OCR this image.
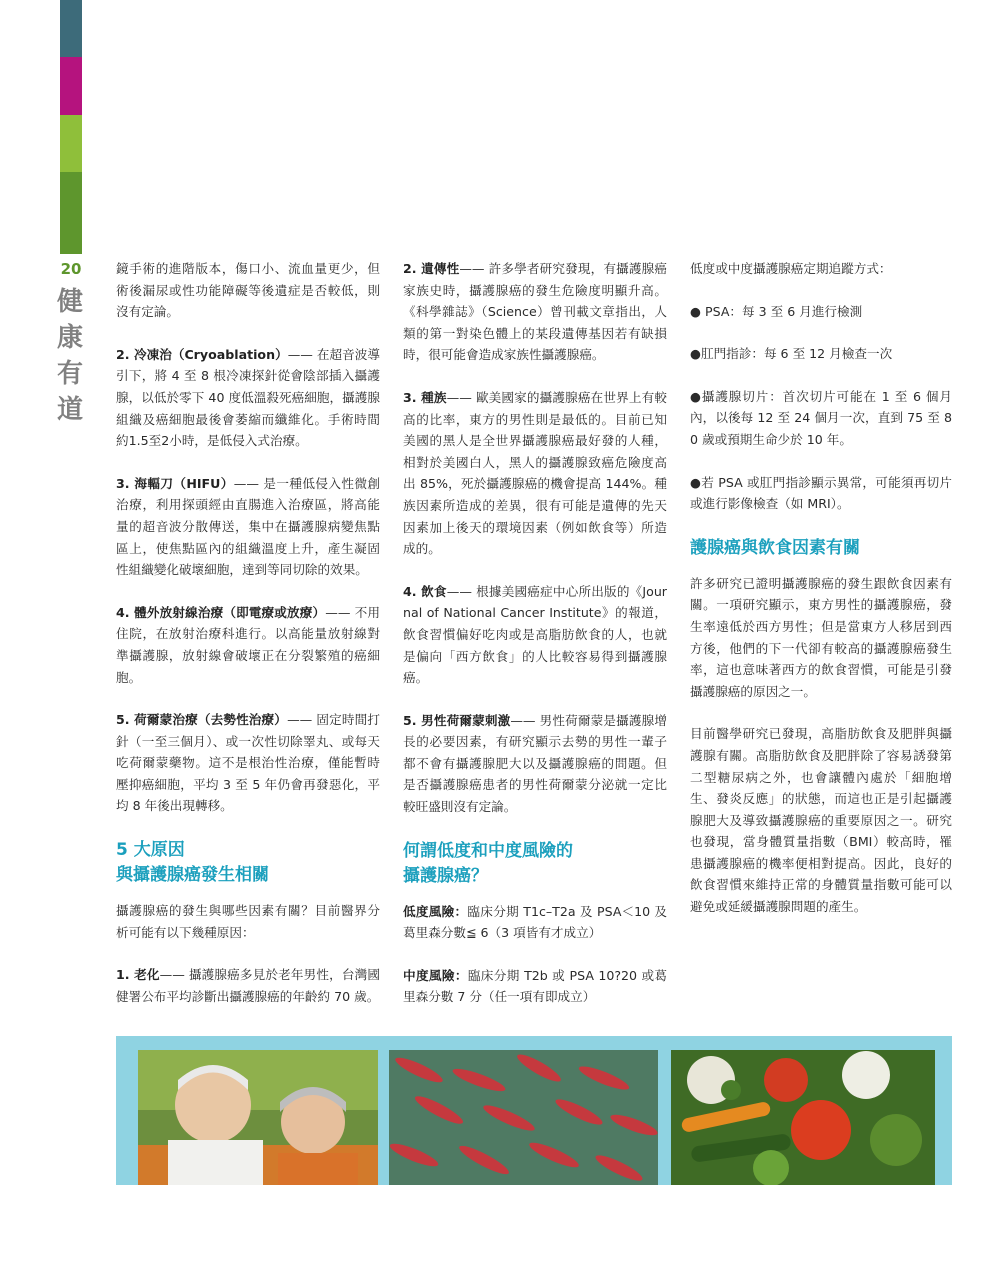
20
健
康
有
道

鏡手術的進階版本，傷口小、流血量更少，但術後漏尿或性功能障礙等後遺症是否較低，則沒有定論。

2. 冷凍治（Cryoablation）—— 在超音波導引下，將 4 至 8 根冷凍探針從會陰部插入攝護腺，以低於零下 40 度低溫殺死癌細胞，攝護腺組織及癌細胞最後會萎縮而纖維化。手術時間約1.5至2小時，是低侵入式治療。

3. 海輻刀（HIFU）—— 是一種低侵入性微創治療，利用探頭經由直腸進入治療區，將高能量的超音波分散傳送，集中在攝護腺病變焦點區上，使焦點區內的組織溫度上升，產生凝固性組織變化破壞細胞，達到等同切除的效果。

4. 體外放射線治療（即電療或放療）—— 不用住院，在放射治療科進行。以高能量放射線對準攝護腺，放射線會破壞正在分裂繁殖的癌細胞。

5. 荷爾蒙治療（去勢性治療）—— 固定時間打針（一至三個月）、或一次性切除睪丸、或每天吃荷爾蒙藥物。這不是根治性治療，僅能暫時壓抑癌細胞，平均 3 至 5 年仍會再發惡化，平均 8 年後出現轉移。

5 大原因
與攝護腺癌發生相關

攝護腺癌的發生與哪些因素有關？目前醫界分析可能有以下幾種原因：

1. 老化—— 攝護腺癌多見於老年男性，台灣國健署公布平均診斷出攝護腺癌的年齡約 70 歲。

2. 遺傳性—— 許多學者研究發現，有攝護腺癌家族史時，攝護腺癌的發生危險度明顯升高。《科學雜誌》（Science）曾刊載文章指出，人類的第一對染色體上的某段遺傳基因若有缺損時，很可能會造成家族性攝護腺癌。

3. 種族—— 歐美國家的攝護腺癌在世界上有較高的比率，東方的男性則是最低的。目前已知美國的黑人是全世界攝護腺癌最好發的人種，相對於美國白人，黑人的攝護腺致癌危險度高出 85%，死於攝護腺癌的機會提高 144%。種族因素所造成的差異，很有可能是遺傳的先天因素加上後天的環境因素（例如飲食等）所造成的。

4. 飲食—— 根據美國癌症中心所出版的《Journal of National Cancer Institute》的報道，飲食習慣偏好吃肉或是高脂肪飲食的人，也就是偏向「西方飲食」的人比較容易得到攝護腺癌。

5. 男性荷爾蒙刺激—— 男性荷爾蒙是攝護腺增長的必要因素，有研究顯示去勢的男性一輩子都不會有攝護腺肥大以及攝護腺癌的問題。但是否攝護腺癌患者的男性荷爾蒙分泌就一定比較旺盛則沒有定論。

何謂低度和中度風險的
攝護腺癌？

低度風險：臨床分期 T1c–T2a 及 PSA＜10 及葛里森分數≦ 6（3 項皆有才成立）

中度風險：臨床分期 T2b 或 PSA 10?20 或葛里森分數 7 分（任一項有即成立）

低度或中度攝護腺癌定期追蹤方式：

● PSA：每 3 至 6 月進行檢測

●肛門指診：每 6 至 12 月檢查一次

●攝護腺切片：首次切片可能在 1 至 6 個月內，以後每 12 至 24 個月一次，直到 75 至 80 歲或預期生命少於 10 年。

●若 PSA 或肛門指診顯示異常，可能須再切片或進行影像檢查（如 MRI）。

護腺癌與飲食因素有關

許多研究已證明攝護腺癌的發生跟飲食因素有關。一項研究顯示，東方男性的攝護腺癌，發生率遠低於西方男性；但是當東方人移居到西方後，他們的下一代卻有較高的攝護腺癌發生率，這也意味著西方的飲食習慣，可能是引發攝護腺癌的原因之一。

目前醫學研究已發現，高脂肪飲食及肥胖與攝護腺有關。高脂肪飲食及肥胖除了容易誘發第二型糖尿病之外，也會讓體內處於「細胞增生、發炎反應」的狀態，而這也正是引起攝護腺肥大及導致攝護腺癌的重要原因之一。研究也發現，當身體質量指數（BMI）較高時，罹患攝護腺癌的機率便相對提高。因此，良好的飲食習慣來維持正常的身體質量指數可能可以避免或延緩攝護腺問題的產生。
